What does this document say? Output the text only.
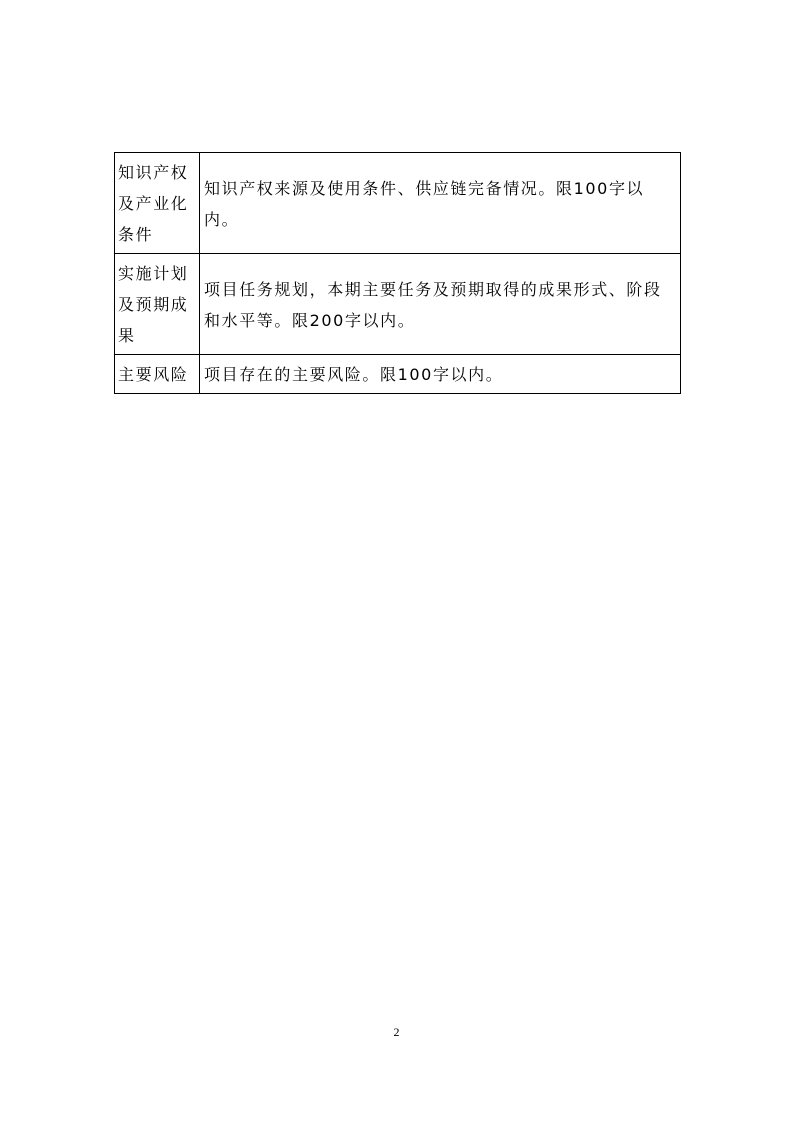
知识产权及产业化条件	知识产权来源及使用条件、供应链完备情况。限100字以内。
实施计划及预期成果	项目任务规划，本期主要任务及预期取得的成果形式、阶段和水平等。限200字以内。
主要风险	项目存在的主要风险。限100字以内。
2
